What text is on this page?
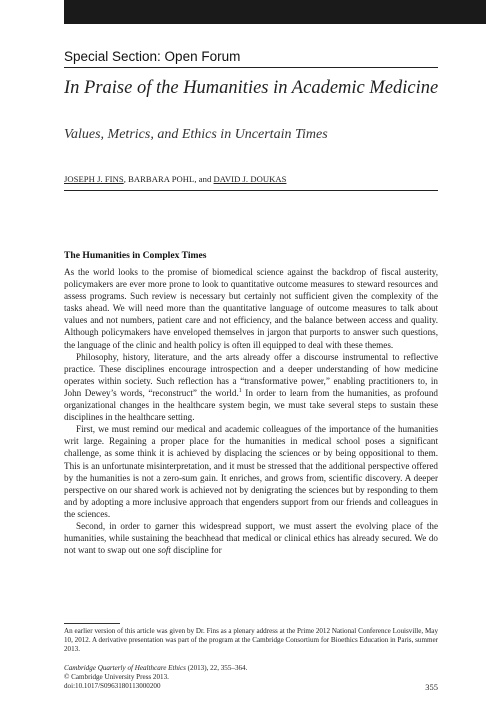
Special Section: Open Forum
In Praise of the Humanities in Academic Medicine
Values, Metrics, and Ethics in Uncertain Times
JOSEPH J. FINS, BARBARA POHL, and DAVID J. DOUKAS
The Humanities in Complex Times

As the world looks to the promise of biomedical science against the backdrop of fiscal austerity, policymakers are ever more prone to look to quantitative outcome measures to steward resources and assess programs. Such review is necessary but certainly not sufficient given the complexity of the tasks ahead. We will need more than the quantitative language of outcome measures to talk about values and not numbers, patient care and not efficiency, and the balance between access and quality. Although policymakers have enveloped themselves in jargon that purports to answer such questions, the language of the clinic and health policy is often ill equipped to deal with these themes.

Philosophy, history, literature, and the arts already offer a discourse instrumental to reflective practice. These disciplines encourage introspection and a deeper understanding of how medicine operates within society. Such reflection has a “transformative power,” enabling practitioners to, in John Dewey’s words, “reconstruct” the world.$^1$ In order to learn from the humanities, as profound organizational changes in the healthcare system begin, we must take several steps to sustain these disciplines in the healthcare setting.

First, we must remind our medical and academic colleagues of the importance of the humanities writ large. Regaining a proper place for the humanities in medical school poses a significant challenge, as some think it is achieved by displacing the sciences or by being oppositional to them. This is an unfortunate misinterpretation, and it must be stressed that the additional perspective offered by the humanities is not a zero-sum gain. It enriches, and grows from, scientific discovery. A deeper perspective on our shared work is achieved not by denigrating the sciences but by responding to them and by adopting a more inclusive approach that engenders support from our friends and colleagues in the sciences.

Second, in order to garner this widespread support, we must assert the evolving place of the humanities, while sustaining the beachhead that medical or clinical ethics has already secured. We do not want to swap out one soft discipline for

An earlier version of this article was given by Dr. Fins as a plenary address at the Prime 2012 National Conference Louisville, May 10, 2012. A derivative presentation was part of the program at the Cambridge Consortium for Bioethics Education in Paris, summer 2013.
Cambridge Quarterly of Healthcare Ethics (2013), 22, 355–364.
© Cambridge University Press 2013.
doi:10.1017/S0963180113000200	355
